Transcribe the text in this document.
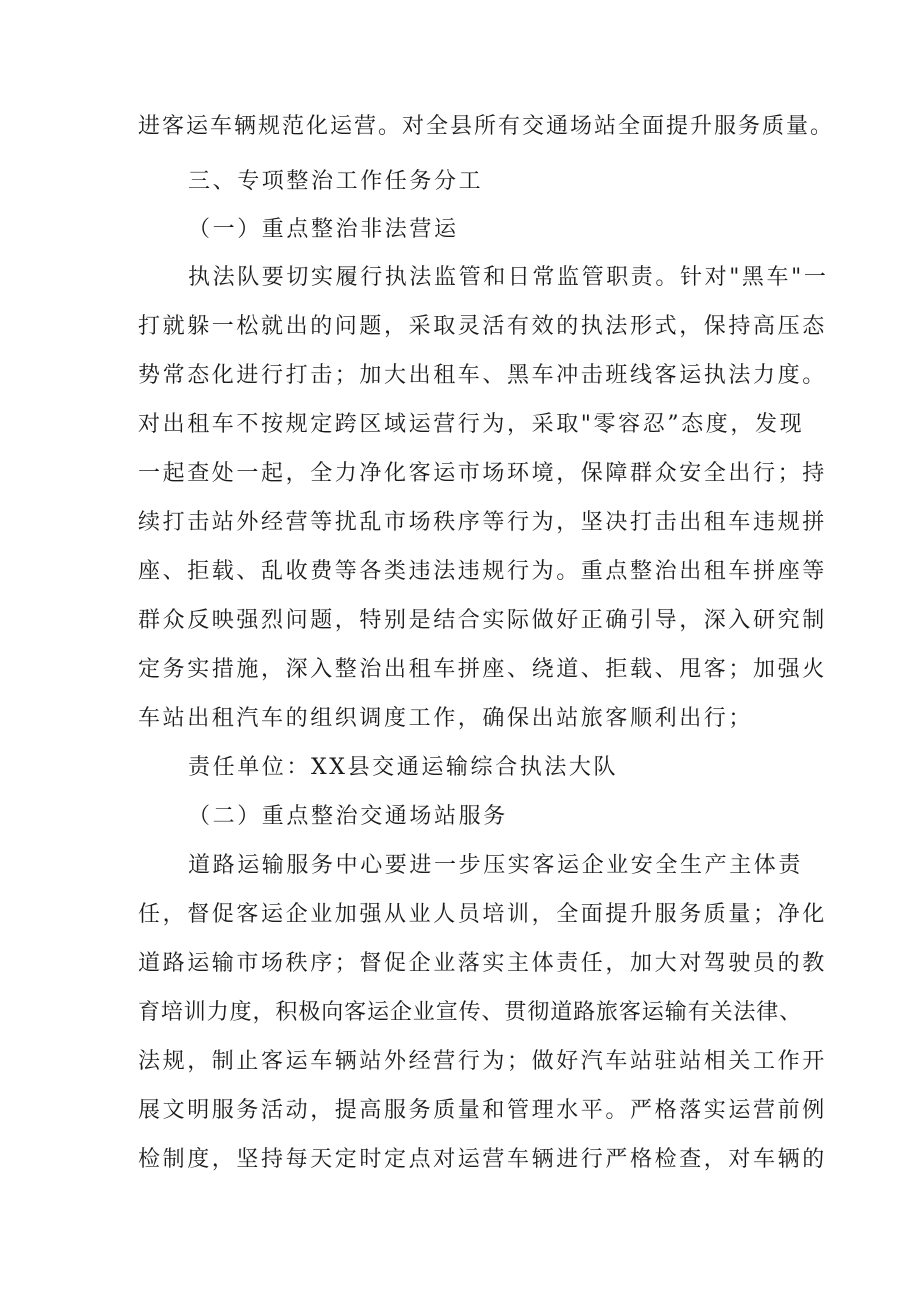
进客运车辆规范化运营。对全县所有交通场站全面提升服务质量。
三、专项整治工作任务分工
（一）重点整治非法营运
执法队要切实履行执法监管和日常监管职责。针对"黑车"一
打就躲一松就出的问题，采取灵活有效的执法形式，保持高压态
势常态化进行打击；加大出租车、黑车冲击班线客运执法力度。
对出租车不按规定跨区域运营行为，采取"零容忍”态度，发现
一起查处一起，全力净化客运市场环境，保障群众安全出行；持
续打击站外经营等扰乱市场秩序等行为，坚决打击出租车违规拼
座、拒载、乱收费等各类违法违规行为。重点整治出租车拼座等
群众反映强烈问题，特别是结合实际做好正确引导，深入研究制
定务实措施，深入整治出租车拼座、绕道、拒载、甩客；加强火
车站出租汽车的组织调度工作，确保出站旅客顺利出行；
责任单位：XX县交通运输综合执法大队
（二）重点整治交通场站服务
道路运输服务中心要进一步压实客运企业安全生产主体责
任，督促客运企业加强从业人员培训，全面提升服务质量；净化
道路运输市场秩序；督促企业落实主体责任，加大对驾驶员的教
育培训力度，积极向客运企业宣传、贯彻道路旅客运输有关法律、
法规，制止客运车辆站外经营行为；做好汽车站驻站相关工作开
展文明服务活动，提高服务质量和管理水平。严格落实运营前例
检制度，坚持每天定时定点对运营车辆进行严格检查，对车辆的
